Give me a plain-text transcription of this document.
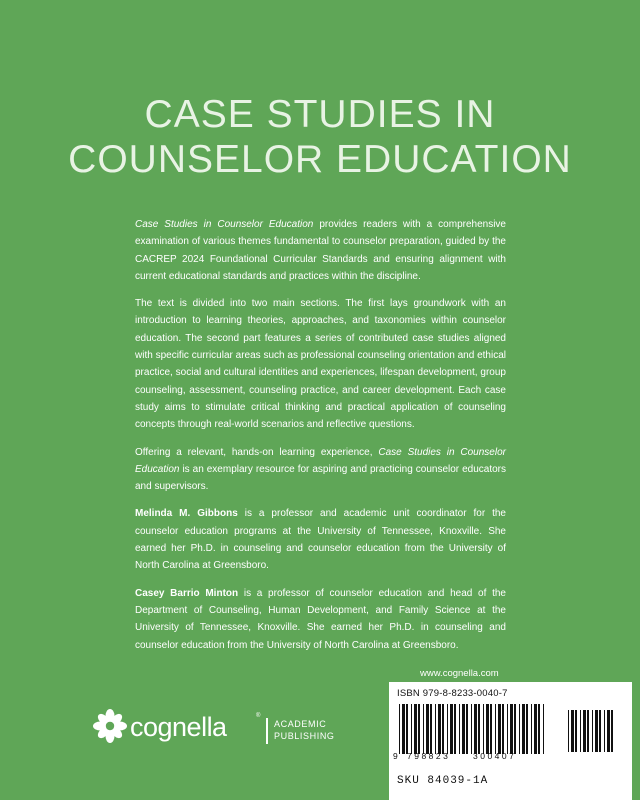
CASE STUDIES IN
COUNSELOR EDUCATION

Case Studies in Counselor Education provides readers with a comprehensive examination of various themes fundamental to counselor preparation, guided by the CACREP 2024 Foundational Curricular Standards and ensuring alignment with current educational standards and practices within the discipline.

The text is divided into two main sections. The first lays groundwork with an introduction to learning theories, approaches, and taxonomies within counselor education. The second part features a series of contributed case studies aligned with specific curricular areas such as professional counseling orientation and ethical practice, social and cultural identities and experiences, lifespan development, group counseling, assessment, counseling practice, and career development. Each case study aims to stimulate critical thinking and practical application of counseling concepts through real-world scenarios and reflective questions.

Offering a relevant, hands-on learning experience, Case Studies in Counselor Education is an exemplary resource for aspiring and practicing counselor educators and supervisors.

Melinda M. Gibbons is a professor and academic unit coordinator for the counselor education programs at the University of Tennessee, Knoxville. She earned her Ph.D. in counseling and counselor education from the University of North Carolina at Greensboro.

Casey Barrio Minton is a professor of counselor education and head of the Department of Counseling, Human Development, and Family Science at the University of Tennessee, Knoxville. She earned her Ph.D. in counseling and counselor education from the University of North Carolina at Greensboro.

www.cognella.com
cognella	®
ACADEMIC
PUBLISHING
ISBN 979-8-8233-0040-7
9 798823	300407
SKU 84039-1A
